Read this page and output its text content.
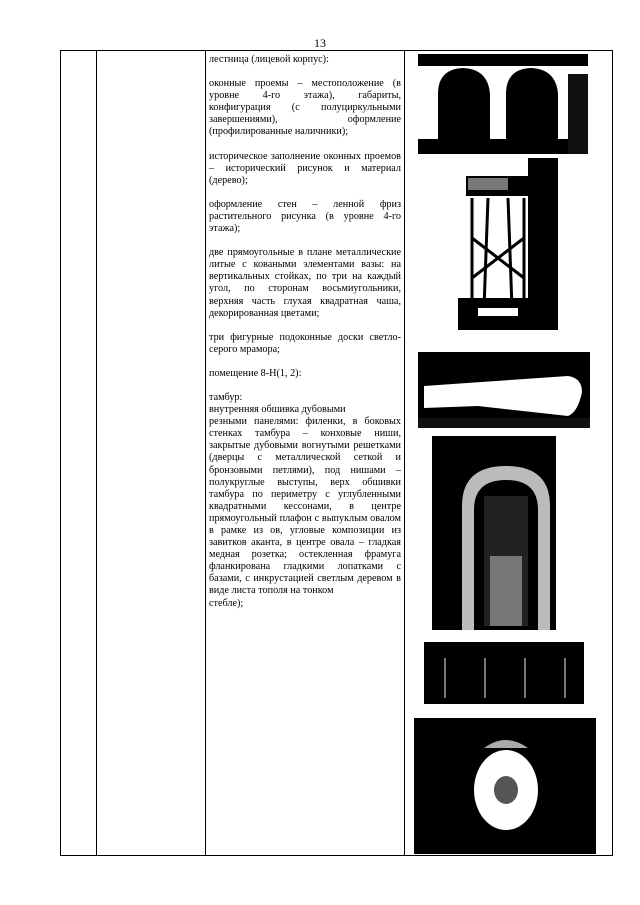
13

лестница (лицевой корпус):

оконные проемы – местоположение (в уровне 4-го этажа), габариты, конфигурация (с полуциркульными завершениями), оформление (профилированные наличники);

историческое заполнение оконных проемов – исторический рисунок и материал (дерево);

оформление стен – ленной фриз растительного рисунка (в уровне 4-го этажа);

две прямоугольные в плане металлические литые с коваными элементами вазы: на вертикальных стойках, по три на каждый угол, по сторонам восьмиугольники, верхняя часть глухая квадратная чаша, декорированная цветами;

три фигурные подоконные доски светло-серого мрамора;

помещение 8-Н(1, 2):

тамбур:

внутренняя обшивка дубовыми

резными панелями: филенки, в боковых стенках тамбура – конховые ниши, закрытые дубовыми вогнутыми решетками (дверцы с металлической сеткой и бронзовыми петлями), под нишами – полукруглые выступы, верх обшивки тамбура по периметру с углубленными квадратными кессонами, в центре прямоугольный плафон с выпуклым овалом в рамке из ов, угловые композиции из завитков аканта, в центре овала – гладкая медная розетка; остекленная фрамуга фланкирована гладкими лопатками с базами, с инкрустацией светлым деревом в виде листа тополя на тонком

стебле);
